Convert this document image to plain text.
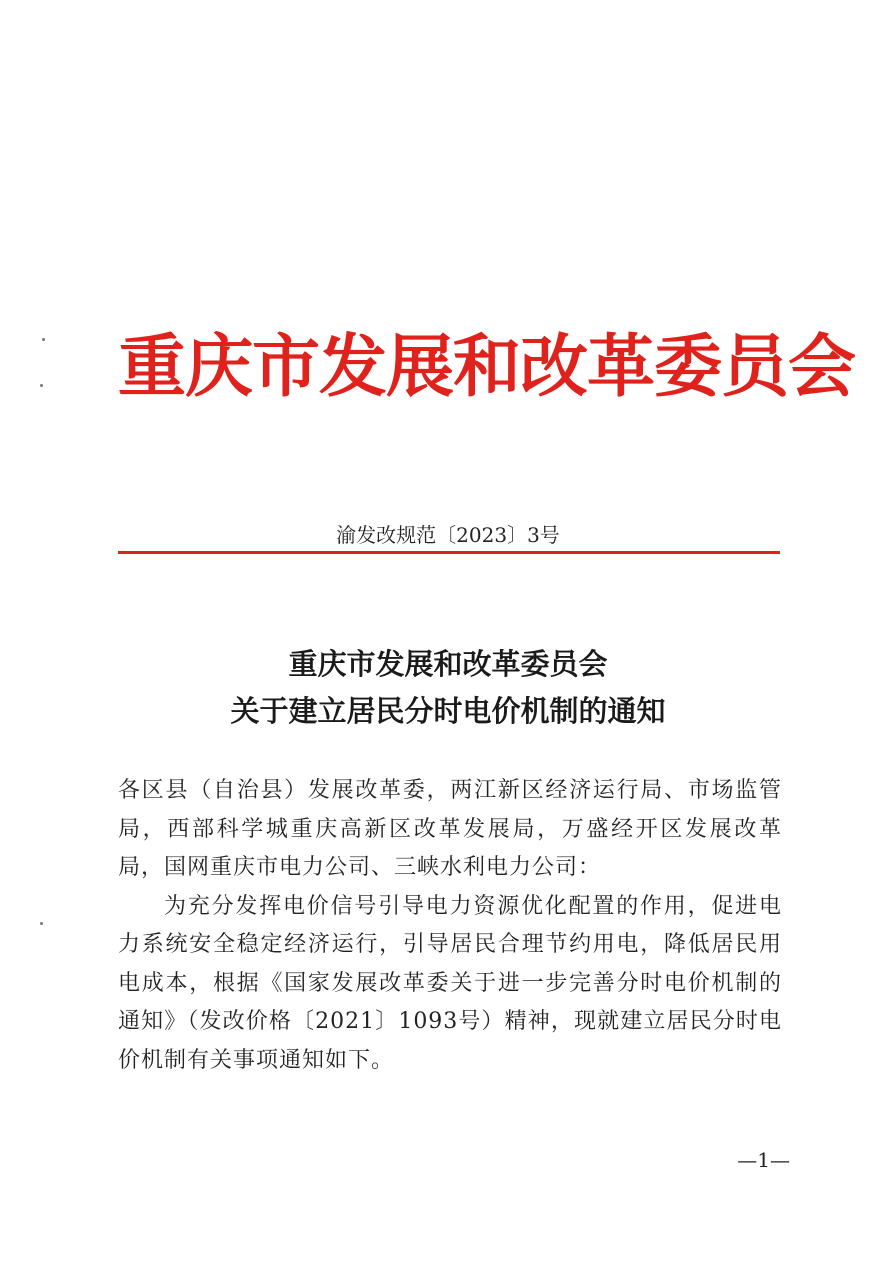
重庆市发展和改革委员会
渝发改规范〔2023〕3号
重庆市发展和改革委员会
关于建立居民分时电价机制的通知

各区县（自治县）发展改革委，两江新区经济运行局、市场监管局，西部科学城重庆高新区改革发展局，万盛经开区发展改革局，国网重庆市电力公司、三峡水利电力公司：

为充分发挥电价信号引导电力资源优化配置的作用，促进电力系统安全稳定经济运行，引导居民合理节约用电，降低居民用电成本，根据《国家发展改革委关于进一步完善分时电价机制的通知》（发改价格〔2021〕1093号）精神，现就建立居民分时电价机制有关事项通知如下。

—1—
